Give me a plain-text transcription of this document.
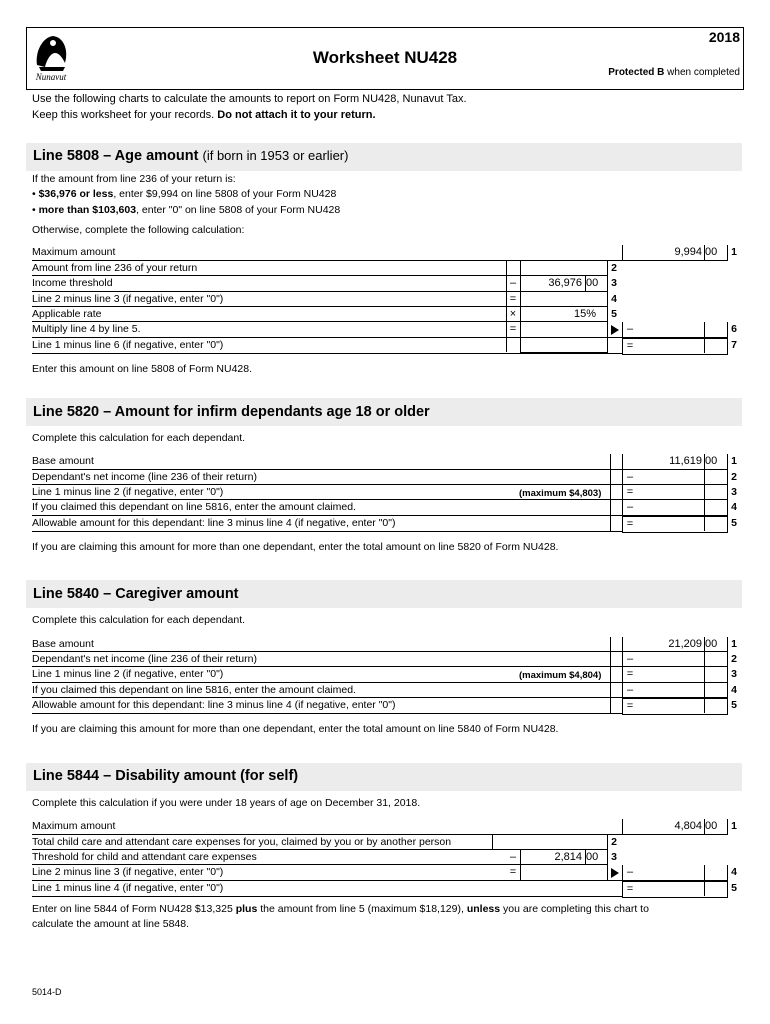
Nunavut
Worksheet NU428
2018
Protected B when completed
Use the following charts to calculate the amounts to report on Form NU428, Nunavut Tax.
Keep this worksheet for your records. Do not attach it to your return.
Line 5808 – Age amount (if born in 1953 or earlier)
If the amount from line 236 of your return is:
• $36,976 or less, enter $9,994 on line 5808 of your Form NU428
• more than $103,603, enter "0" on line 5808 of your Form NU428
Otherwise, complete the following calculation:
Maximum amount
Amount from line 236 of your return
Income threshold
Line 2 minus line 3 (if negative, enter "0")
Applicable rate
Multiply line 4 by line 5.
Line 1 minus line 6 (if negative, enter "0")
9,994 00
36,976 00
15%
–
=
×
=
2
3
4
5
–
=
1
6
7
Enter this amount on line 5808 of Form NU428.
Line 5820 – Amount for infirm dependants age 18 or older
Complete this calculation for each dependant.
Base amount
Dependant's net income (line 236 of their return)
Line 1 minus line 2 (if negative, enter "0")
If you claimed this dependant on line 5816, enter the amount claimed.
Allowable amount for this dependant: line 3 minus line 4 (if negative, enter "0")
(maximum $4,803)
11,619 00
–
=
–
=
1
2
3
4
5
If you are claiming this amount for more than one dependant, enter the total amount on line 5820 of Form NU428.
Line 5840 – Caregiver amount
Complete this calculation for each dependant.
Base amount
Dependant's net income (line 236 of their return)
Line 1 minus line 2 (if negative, enter "0")
If you claimed this dependant on line 5816, enter the amount claimed.
Allowable amount for this dependant: line 3 minus line 4 (if negative, enter "0")
(maximum $4,804)
21,209 00
–
=
–
=
1
2
3
4
5
If you are claiming this amount for more than one dependant, enter the total amount on line 5840 of Form NU428.
Line 5844 – Disability amount (for self)
Complete this calculation if you were under 18 years of age on December 31, 2018.
Maximum amount
Total child care and attendant care expenses for you, claimed by you or by another person
Threshold for child and attendant care expenses
Line 2 minus line 3 (if negative, enter "0")
Line 1 minus line 4 (if negative, enter "0")
4,804 00
2,814 00
–
=
2
3
–
=
1
4
5
Enter on line 5844 of Form NU428 $13,325 plus the amount from line 5 (maximum $18,129), unless you are completing this chart to
calculate the amount at line 5848.
5014-D
